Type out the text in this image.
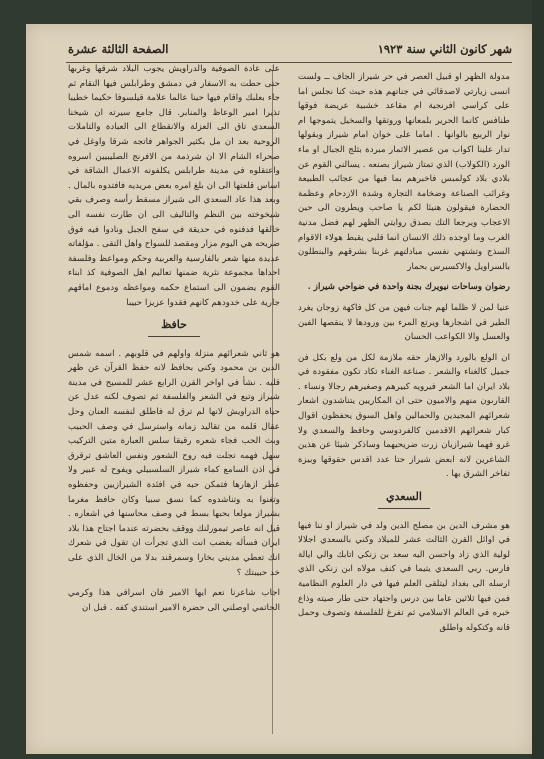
شهر كانون الثاني سنة ١٩٢٣
الصفحة الثالثة عشرة

مدولة الظهر او قبيل العصر في حر شيراز الجاف ــ ولست انسى زيارتي لاصدقائي في جناتهم هذه حيث كنا نجلس اما على كراسي افرنجية ام مقاعد خشبية عريضة فوقها طنافس كانما الحرير بلمعانها وروتقها والسخيل يتموجها ام نوار الربيع بالوانها . اماما على خوان امام شيراز وبقولها تدار علينا اكواب من عصير الاثمار مبردة بثلج الجبال او ماء الورد (الكولاب) الذي تمتاز شيراز بصنعه . يسالني القوم عن بلادي بلاد كولمبس فاخبرهم بما فيها من عجائب الطبيعة وغرائب الصناعة وضخامة التجارة وشدة الازدحام وعظمة الحضارة فيقولون هنيئا لكم يا صاحب ويطرون الى حين الاعجاب ويرجعا التك بصدق روايتي الظهر لهم فضل مدنية الغرب وما اوجده ذلك الانسان انما قلبي يقبط هولاء الاقوام السذج وتشتهي نفسي مبادلتهم غربنا بشرقهم والبنطلون بالسراويل والاكسيرس بحمار

رضوان وساحات نيويرك بجنة واحدة في ضواحي شيراز .

عنيا لمن لا ظلما لهم جنات فيهن من كل فاكهة زوجان يغرد الطير في اشجارها ويرتع المرء بين ورودها لا ينقصها الفين والعسل والا الكواعب الحسان

ان الولع بالورد والازهار حقه ملازمة لكل من ولع بكل فن جميل كالغناء والشعر . صناعة الغناء تكاد تكون مفقودة في بلاد ايران اما الشعر فيرويه كبيرهم وصغيرهم رجالا ونساء . القارىون منهم والاميون حتى ان المكاريين يتناشدون اشعار شعرائهم المجيدين والحمالين واهل السوق يحفظون اقوال كبار شعرائهم الاقدمين كالفردوسي وحافظ والسعدي ولا غرو فهما شيرازيان زرت ضريحيهما وساذكر شيئا عن هذين الشاعرين لانه ابعض شيراز حتا عدد اقدس حقوقها وبيزة تفاخر الشرق بها .

السعدي

هو مشرف الدين بن مصلح الدين ولد في شيراز او ننا فيها في اوائل القرن الثالث عشر للميلاد وكني بالسعدي اجلالا لولية الذي زاد واحسن اليه سعد بن زنكي اتابك والي ايالة فارس. ربي السعدي يتيما في كنف مولاه ابن زنكي الذي ارسله الى بغداد ليتلقى العلم فيها في دار العلوم النظامية فمن فيها ثلاثين عاما بين درس واجتهاد حتى طار صيته وذاع خبره في العالم الاسلامي ثم تفرغ للفلسفة وتصوف وحمل قانه وكتكوله واطلق

على عادة الصوفية والدراويش يجوب البلاد شرقها وغربها حتى حطت به الاسفار في دمشق وطرابلس فيها النقام ثم جاء بعلبك واقام فيها حينا عالما علامة قيلسوفا حكيما خطيبا تذيرا امير الوعاظ والمنابر. قال جامع سيرته ان شيخنا السعدي تاق الى العزلة والانقطاع الى العبادة والتاملات الروحية بعد ان مل بكثير الجواهر فاتجه شرقا واوغل في صحراء الشام الا ان شرذمة من الافرنج الصليبيين اسروه واعتقلوه في مدينة طرابلس يكلفونه الاعمال الشاقة في اساس قلعتها الى ان بلغ امره بعض مريديه فافتدوه بالمال . وبعد هذا عاد السعدي الى شيراز مسقط رأسه وصرف بقي شيخوخته بين النظم والتاليف الى ان طارت نفسه الى خالقها فدفنوه في حديقة في سفح الجبل ونادوا فيه فوق ضريحه هي اليوم مزار ومقصد للسواح واهل التقى . مؤلفاته عديدة منها شعر بالفارسية والعربية وحكم ومواعظ وفلسفة احداها مجموعة نثرية ضمنها تعاليم اهل الصوفية كذ ابناء القوم يضمون الى استماع حكمه ومواعظه ودموع اماقهم جارية على خدودهم كانهم فقدوا عزيزا حبيبا

حافظ

هو ثاني شعرائهم منزلة واولهم في قلوبهم . اسمه شمس الدين بن محمود وكني بحافظ لانه حفظ القرآن عن ظهر قلبه . نشأ في اواخر القرن الرابع عشر للمسيح في مدينة شيراز وتبع في الشعر والفلسفة ثم تصوف لكنه عدل عن حياة الدراويش لانها لم ترق له فاطلق لنفسه العنان وحل عقال قلمه من تقاليد زمانه واسترسل في وصف الحبيب وبث الحب فجاء شعره رقيقا سلس العبارة متين التركيب سهل فهمه تجلت فيه روح الشعور ونفس العاشق ترقرق في اذن السامع كماء شيراز السلسبيلي ويفوح له عبير ولا عطر ازهارها فتمكن حبه في افئدة الشيرازيين وحفظوه وتغنوا به وتناشدوه كما نسق سبيا وكان حافظ مغرما بشيراز مولعا بحبها بسط في وصف محاسنها في اشعاره . قيل انه عاصر تيمورلنك ووقف بحضرته عندما اجتاح هذا بلاد ايران فسأله بغضب انت الذي تجرأت ان تقول في شعرك انك تعطي مديني بخارا وسمرقند بدلا من الخال الذي على خد حبيبتك ؟

اجاب شاعرنا نعم ايها الامير فان اسرافي هذا وكرمي الحاتمي اوصلني الى حضرة الامير استندي كفه . قبل ان
